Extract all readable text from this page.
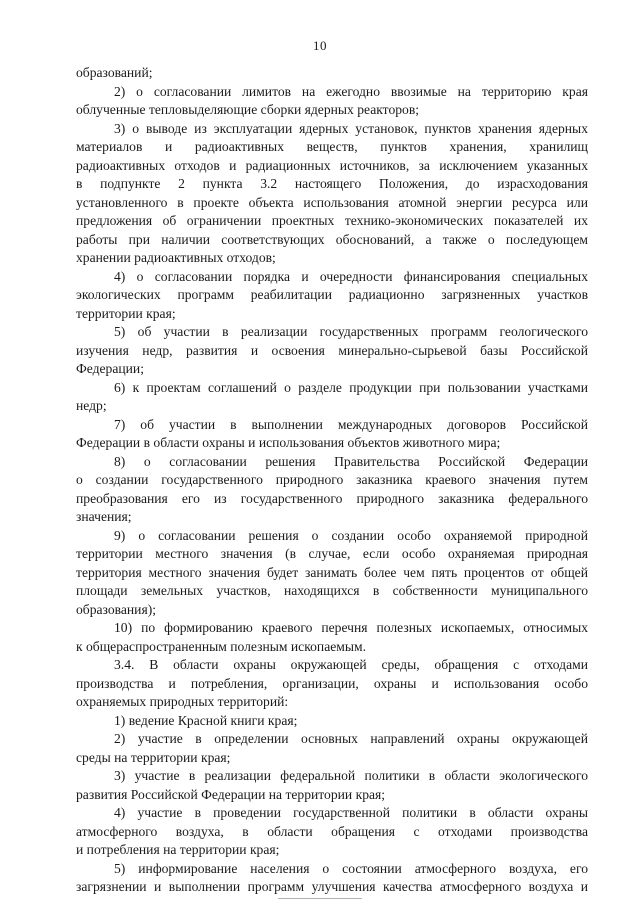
10
образований;
2) о согласовании лимитов на ежегодно ввозимые на территорию края
облученные тепловыделяющие сборки ядерных реакторов;
3) о выводе из эксплуатации ядерных установок, пунктов хранения ядерных
материалов и радиоактивных веществ, пунктов хранения, хранилищ
радиоактивных отходов и радиационных источников, за исключением указанных
в подпункте 2 пункта 3.2 настоящего Положения, до израсходования
установленного в проекте объекта использования атомной энергии ресурса или
предложения об ограничении проектных технико-экономических показателей их
работы при наличии соответствующих обоснований, а также о последующем
хранении радиоактивных отходов;
4) о согласовании порядка и очередности финансирования специальных
экологических программ реабилитации радиационно загрязненных участков
территории края;
5) об участии в реализации государственных программ геологического
изучения недр, развития и освоения минерально-сырьевой базы Российской
Федерации;
6) к проектам соглашений о разделе продукции при пользовании участками
недр;
7) об участии в выполнении международных договоров Российской
Федерации в области охраны и использования объектов животного мира;
8) о согласовании решения Правительства Российской Федерации
о создании государственного природного заказника краевого значения путем
преобразования его из государственного природного заказника федерального
значения;
9) о согласовании решения о создании особо охраняемой природной
территории местного значения (в случае, если особо охраняемая природная
территория местного значения будет занимать более чем пять процентов от общей
площади земельных участков, находящихся в собственности муниципального
образования);
10) по формированию краевого перечня полезных ископаемых, относимых
к общераспространенным полезным ископаемым.
3.4. В области охраны окружающей среды, обращения с отходами
производства и потребления, организации, охраны и использования особо
охраняемых природных территорий:
1) ведение Красной книги края;
2) участие в определении основных направлений охраны окружающей
среды на территории края;
3) участие в реализации федеральной политики в области экологического
развития Российской Федерации на территории края;
4) участие в проведении государственной политики в области охраны
атмосферного воздуха, в области обращения с отходами производства
и потребления на территории края;
5) информирование населения о состоянии атмосферного воздуха, его
загрязнении и выполнении программ улучшения качества атмосферного воздуха и
